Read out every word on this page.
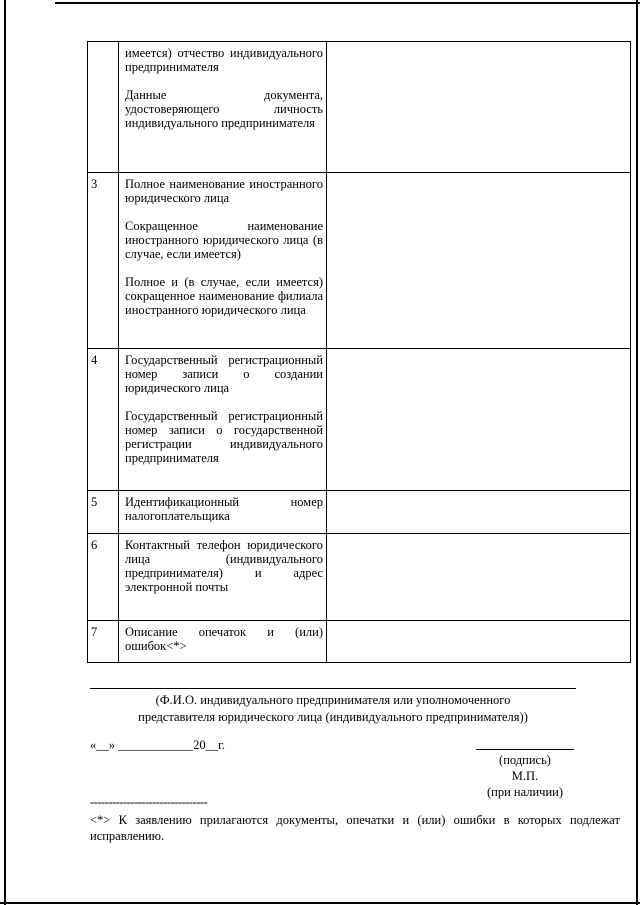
	имеется) отчество индивидуального предпринимателя
Данные документа, удостоверяющего личность индивидуального предпринимателя	

3	Полное наименование иностранного юридического лица
Сокращенное наименование иностранного юридического лица (в случае, если имеется)
Полное и (в случае, если имеется) сокращенное наименование филиала иностранного юридического лица	

4	Государственный регистрационный номер записи о создании юридического лица
Государственный регистрационный номер записи о государственной регистрации индивидуального предпринимателя	

5	Идентификационный номер налогоплательщика	

6	Контактный телефон юридического лица (индивидуального предпринимателя) и адрес электронной почты	

7	Описание опечаток и (или) ошибок<*>	

(Ф.И.О. индивидуального предпринимателя или уполномоченного
представителя юридического лица (индивидуального предпринимателя))
«__» ____________20__г.
(подпись)
М.П.
(при наличии)
--------------------------------
<*> К заявлению прилагаются документы, опечатки и (или) ошибки в которых подлежат исправлению.
